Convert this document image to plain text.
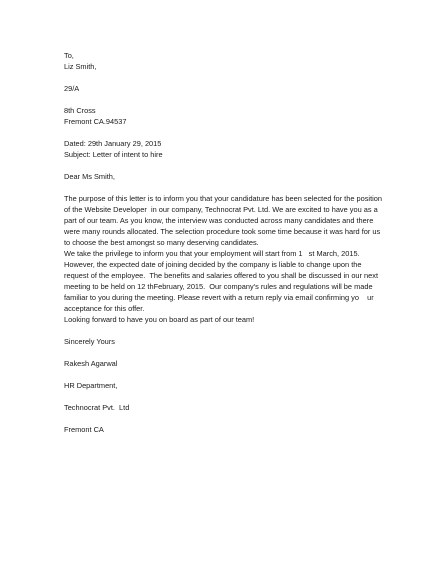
To,
Liz Smith,
29/A
8th Cross
Fremont CA.94537
Dated: 29th January 29, 2015
Subject: Letter of intent to hire
Dear Ms Smith,
The purpose of this letter is to inform you that your candidature has been selected for the position
of the Website Developer  in our company, Technocrat Pvt. Ltd. We are excited to have you as a
part of our team. As you know, the interview was conducted across many candidates and there
were many rounds allocated. The selection procedure took some time because it was hard for us
to choose the best amongst so many deserving candidates.
We take the privilege to inform you that your employment will start from 1   st March, 2015.
However, the expected date of joining decided by the company is liable to change upon the
request of the employee.  The benefits and salaries offered to you shall be discussed in our next
meeting to be held on 12 thFebruary, 2015.  Our company's rules and regulations will be made
familiar to you during the meeting. Please revert with a return reply via email confirming yo    ur
acceptance for this offer.
Looking forward to have you on board as part of our team!
Sincerely Yours
Rakesh Agarwal
HR Department,
Technocrat Pvt.  Ltd
Fremont CA
